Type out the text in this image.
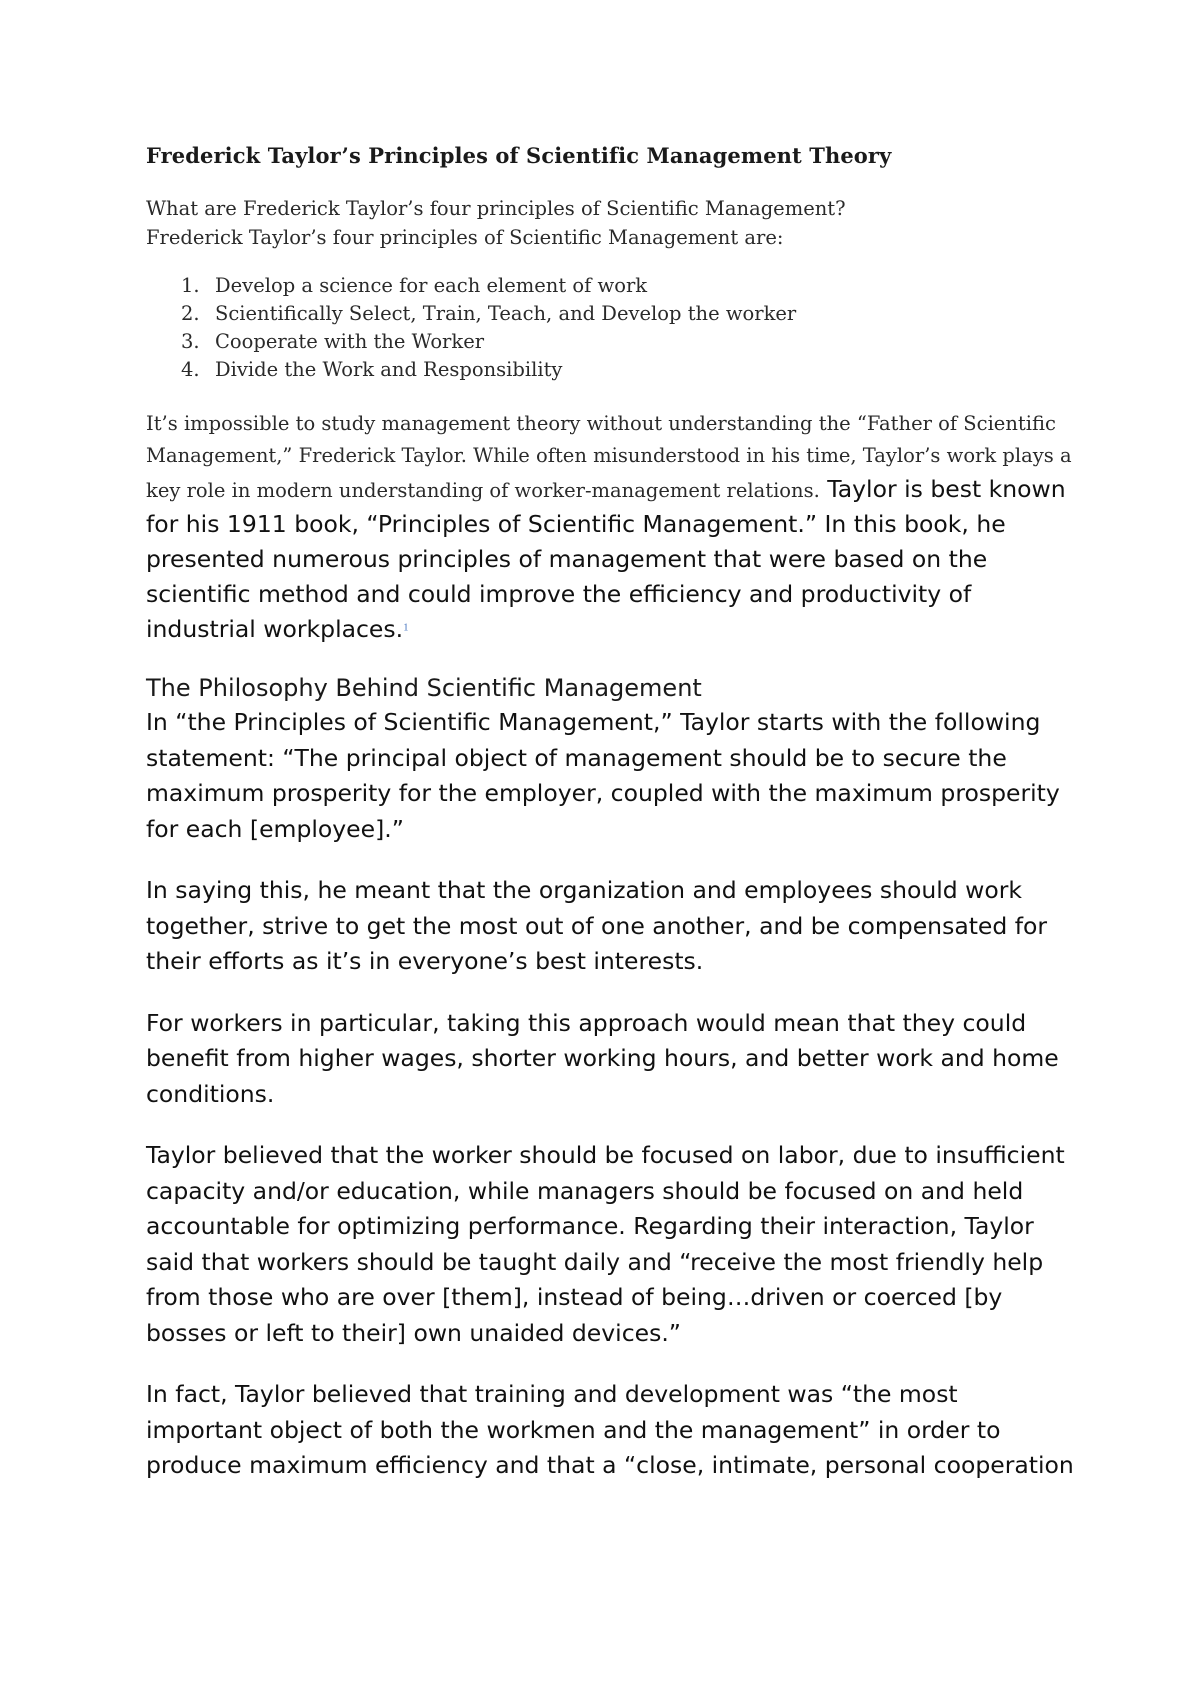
Frederick Taylor’s Principles of Scientific Management Theory

What are Frederick Taylor’s four principles of Scientific Management?

Frederick Taylor’s four principles of Scientific Management are:

1. Develop a science for each element of work
2. Scientifically Select, Train, Teach, and Develop the worker
3. Cooperate with the Worker
4. Divide the Work and Responsibility

It’s impossible to study management theory without understanding the “Father of Scientific Management,” Frederick Taylor. While often misunderstood in his time, Taylor’s work plays a key role in modern understanding of worker-management relations. Taylor is best known for his 1911 book, “Principles of Scientific Management.” In this book, he presented numerous principles of management that were based on the scientific method and could improve the efficiency and productivity of industrial workplaces.$^1$

The Philosophy Behind Scientific Management

In “the Principles of Scientific Management,” Taylor starts with the following statement: “The principal object of management should be to secure the maximum prosperity for the employer, coupled with the maximum prosperity for each [employee].”

In saying this, he meant that the organization and employees should work together, strive to get the most out of one another, and be compensated for their efforts as it’s in everyone’s best interests.

For workers in particular, taking this approach would mean that they could benefit from higher wages, shorter working hours, and better work and home conditions.

Taylor believed that the worker should be focused on labor, due to insufficient capacity and/or education, while managers should be focused on and held accountable for optimizing performance. Regarding their interaction, Taylor said that workers should be taught daily and “receive the most friendly help from those who are over [them], instead of being…driven or coerced [by bosses or left to their] own unaided devices.”

In fact, Taylor believed that training and development was “the most important object of both the workmen and the management” in order to produce maximum efficiency and that a “close, intimate, personal cooperation
